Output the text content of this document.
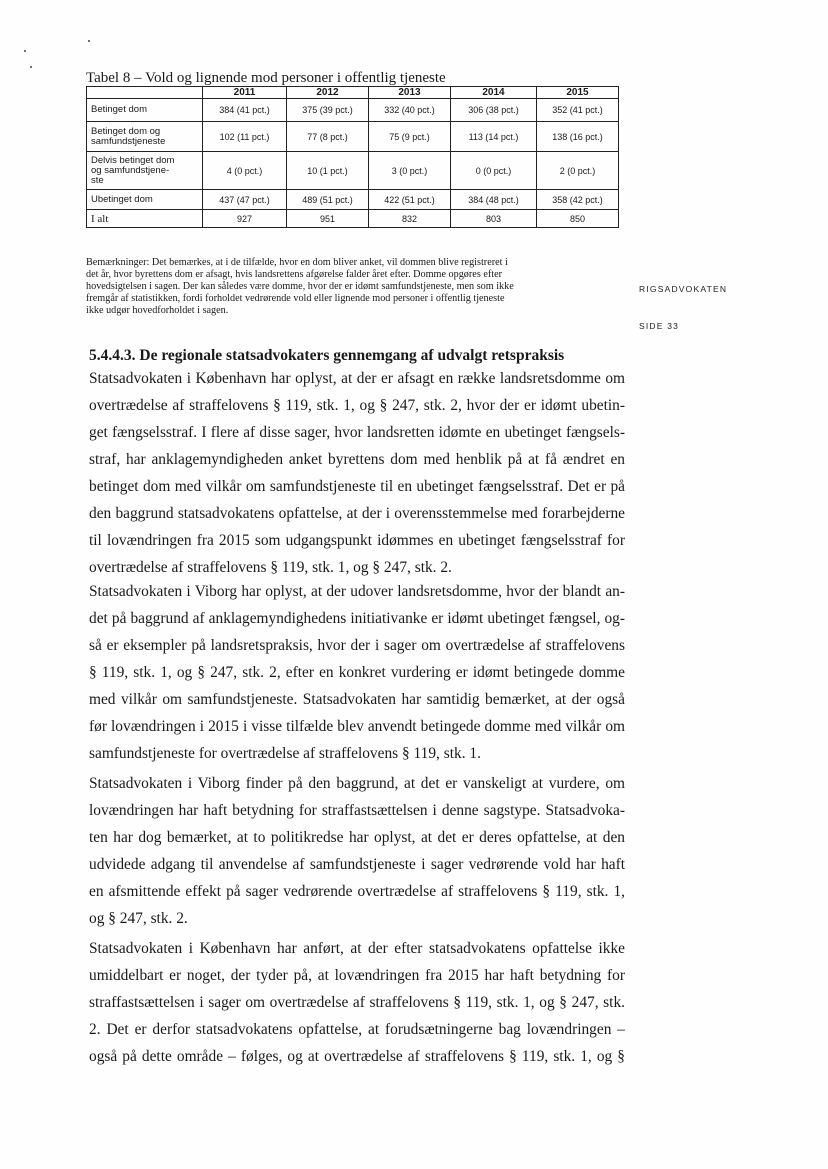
Tabel 8 – Vold og lignende mod personer i offentlig tjeneste
	2011	2012	2013	2014	2015

Betinget dom	384 (41 pct.)	375 (39 pct.)	332 (40 pct.)	306 (38 pct.)	352 (41 pct.)

Betinget dom og
samfundstjeneste	102 (11 pct.)	77 (8 pct.)	75 (9 pct.)	113 (14 pct.)	138 (16 pct.)

Delvis betinget dom
og samfundstjene-
ste	4 (0 pct.)	10 (1 pct.)	3 (0 pct.)	0 (0 pct.)	2 (0 pct.)

Ubetinget dom	437 (47 pct.)	489 (51 pct.)	422 (51 pct.)	384 (48 pct.)	358 (42 pct.)

I alt	927	951	832	803	850
Bemærkninger: Det bemærkes, at i de tilfælde, hvor en dom bliver anket, vil dommen blive registreret i
det år, hvor byrettens dom er afsagt, hvis landsrettens afgørelse falder året efter. Domme opgøres efter
hovedsigtelsen i sagen. Der kan således være domme, hvor der er idømt samfundstjeneste, men som ikke
fremgår af statistikken, fordi forholdet vedrørende vold eller lignende mod personer i offentlig tjeneste
ikke udgør hovedforholdet i sagen.
RIGSADVOKATEN
SIDE 33
5.4.4.3. De regionale statsadvokaters gennemgang af udvalgt retspraksis
Statsadvokaten i København har oplyst, at der er afsagt en række landsretsdomme om
overtrædelse af straffelovens § 119, stk. 1, og § 247, stk. 2, hvor der er idømt ubetin-
get fængselsstraf. I flere af disse sager, hvor landsretten idømte en ubetinget fængsels-
straf, har anklagemyndigheden anket byrettens dom med henblik på at få ændret en
betinget dom med vilkår om samfundstjeneste til en ubetinget fængselsstraf. Det er på
den baggrund statsadvokatens opfattelse, at der i overensstemmelse med forarbejderne
til lovændringen fra 2015 som udgangspunkt idømmes en ubetinget fængselsstraf for
overtrædelse af straffelovens § 119, stk. 1, og § 247, stk. 2.
Statsadvokaten i Viborg har oplyst, at der udover landsretsdomme, hvor der blandt an-
det på baggrund af anklagemyndighedens initiativanke er idømt ubetinget fængsel, og-
så er eksempler på landsretspraksis, hvor der i sager om overtrædelse af straffelovens
§ 119, stk. 1, og § 247, stk. 2, efter en konkret vurdering er idømt betingede domme
med vilkår om samfundstjeneste. Statsadvokaten har samtidig bemærket, at der også
før lovændringen i 2015 i visse tilfælde blev anvendt betingede domme med vilkår om
samfundstjeneste for overtrædelse af straffelovens § 119, stk. 1.
Statsadvokaten i Viborg finder på den baggrund, at det er vanskeligt at vurdere, om
lovændringen har haft betydning for straffastsættelsen i denne sagstype. Statsadvoka-
ten har dog bemærket, at to politikredse har oplyst, at det er deres opfattelse, at den
udvidede adgang til anvendelse af samfundstjeneste i sager vedrørende vold har haft
en afsmittende effekt på sager vedrørende overtrædelse af straffelovens § 119, stk. 1,
og § 247, stk. 2.
Statsadvokaten i København har anført, at der efter statsadvokatens opfattelse ikke
umiddelbart er noget, der tyder på, at lovændringen fra 2015 har haft betydning for
straffastsættelsen i sager om overtrædelse af straffelovens § 119, stk. 1, og § 247, stk.
2. Det er derfor statsadvokatens opfattelse, at forudsætningerne bag lovændringen –
også på dette område – følges, og at overtrædelse af straffelovens § 119, stk. 1, og §
